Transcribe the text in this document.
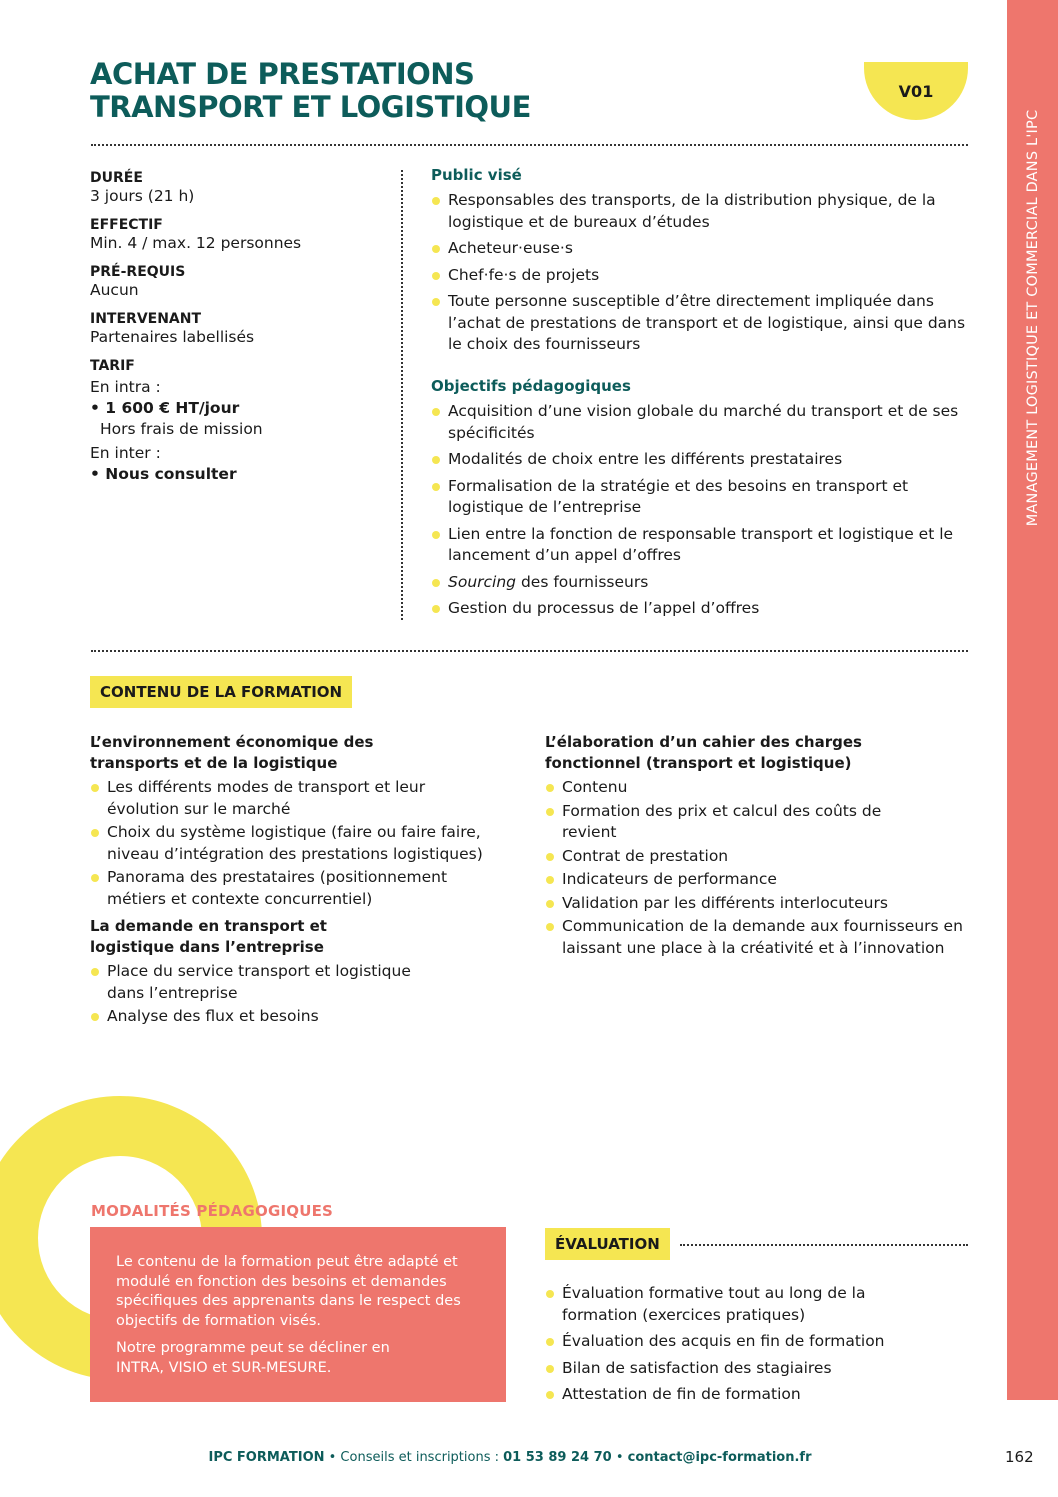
MANAGEMENT LOGISTIQUE ET COMMERCIAL DANS L'IPC
ACHAT DE PRESTATIONS
TRANSPORT ET LOGISTIQUE	V01
DURÉE
3 jours (21 h)
EFFECTIF
Min. 4 / max. 12 personnes
PRÉ-REQUIS
Aucun
INTERVENANT
Partenaires labellisés
TARIF
En intra :
• 1 600 € HT/jour
Hors frais de mission
En inter :
• Nous consulter
Public visé
Responsables des transports, de la distribution physique, de la logistique et de bureaux d’études
Acheteur·euse·s
Chef·fe·s de projets
Toute personne susceptible d’être directement impliquée dans l’achat de prestations de transport et de logistique, ainsi que dans le choix des fournisseurs
Objectifs pédagogiques
Acquisition d’une vision globale du marché du transport et de ses spécificités
Modalités de choix entre les différents prestataires
Formalisation de la stratégie et des besoins en transport et logistique de l’entreprise
Lien entre la fonction de responsable transport et logistique et le lancement d’un appel d’offres
Sourcing des fournisseurs
Gestion du processus de l’appel d’offres
CONTENU DE LA FORMATION
L’environnement économique des transports et de la logistique
Les différents modes de transport et leur évolution sur le marché
Choix du système logistique (faire ou faire faire, niveau d’intégration des prestations logistiques)
Panorama des prestataires (positionnement métiers et contexte concurrentiel)
La demande en transport et logistique dans l’entreprise
Place du service transport et logistique dans l’entreprise
Analyse des flux et besoins
L’élaboration d’un cahier des charges fonctionnel (transport et logistique)
Contenu
Formation des prix et calcul des coûts de revient
Contrat de prestation
Indicateurs de performance
Validation par les différents interlocuteurs
Communication de la demande aux fournisseurs en laissant une place à la créativité et à l’innovation
MODALITÉS PÉDAGOGIQUES

Le contenu de la formation peut être adapté et modulé en fonction des besoins et demandes spécifiques des apprenants dans le respect des objectifs de formation visés.

Notre programme peut se décliner en INTRA, VISIO et SUR-MESURE.

ÉVALUATION
Évaluation formative tout au long de la formation (exercices pratiques)
Évaluation des acquis en fin de formation
Bilan de satisfaction des stagiaires
Attestation de fin de formation
IPC FORMATION • Conseils et inscriptions : 01 53 89 24 70 • contact@ipc-formation.fr	162
